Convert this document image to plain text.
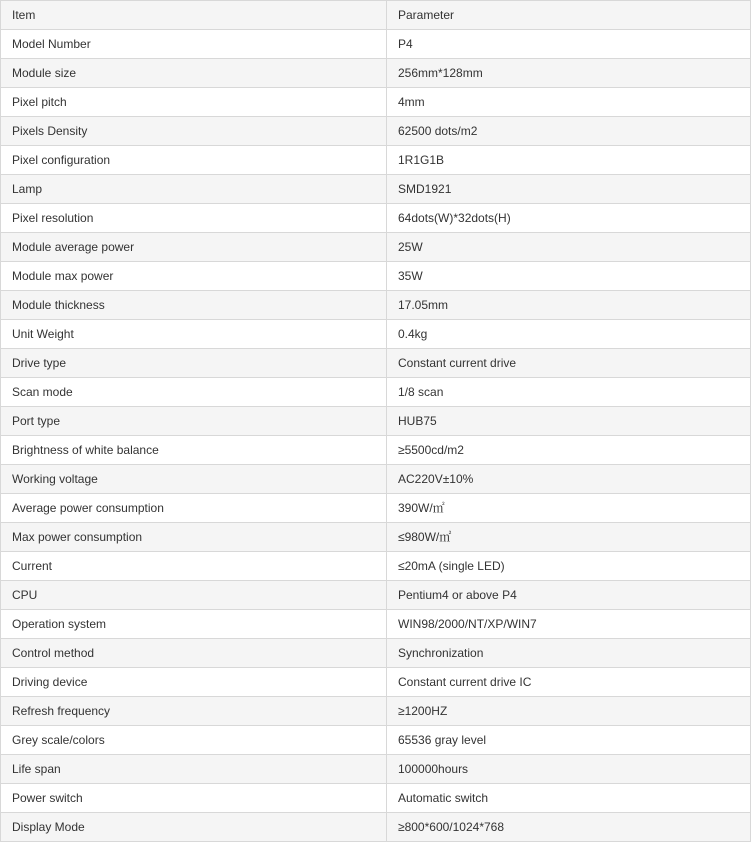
Item	Parameter
Model Number	P4
Module size	256mm*128mm
Pixel pitch	4mm
Pixels Density	62500 dots/m2
Pixel configuration	1R1G1B
Lamp	SMD1921
Pixel resolution	64dots(W)*32dots(H)
Module average power	25W
Module max power	35W
Module thickness	17.05mm
Unit Weight	0.4kg
Drive type	Constant current drive
Scan mode	1/8 scan
Port type	HUB75
Brightness of white balance	≥5500cd/m2
Working voltage	AC220V±10%
Average power consumption	390W/㎡
Max power consumption	≤980W/㎡
Current	≤20mA (single LED)
CPU	Pentium4 or above P4
Operation system	WIN98/2000/NT/XP/WIN7
Control method	Synchronization
Driving device	Constant current drive IC
Refresh frequency	≥1200HZ
Grey scale/colors	65536 gray level
Life span	100000hours
Power switch	Automatic switch
Display Mode	≥800*600/1024*768
